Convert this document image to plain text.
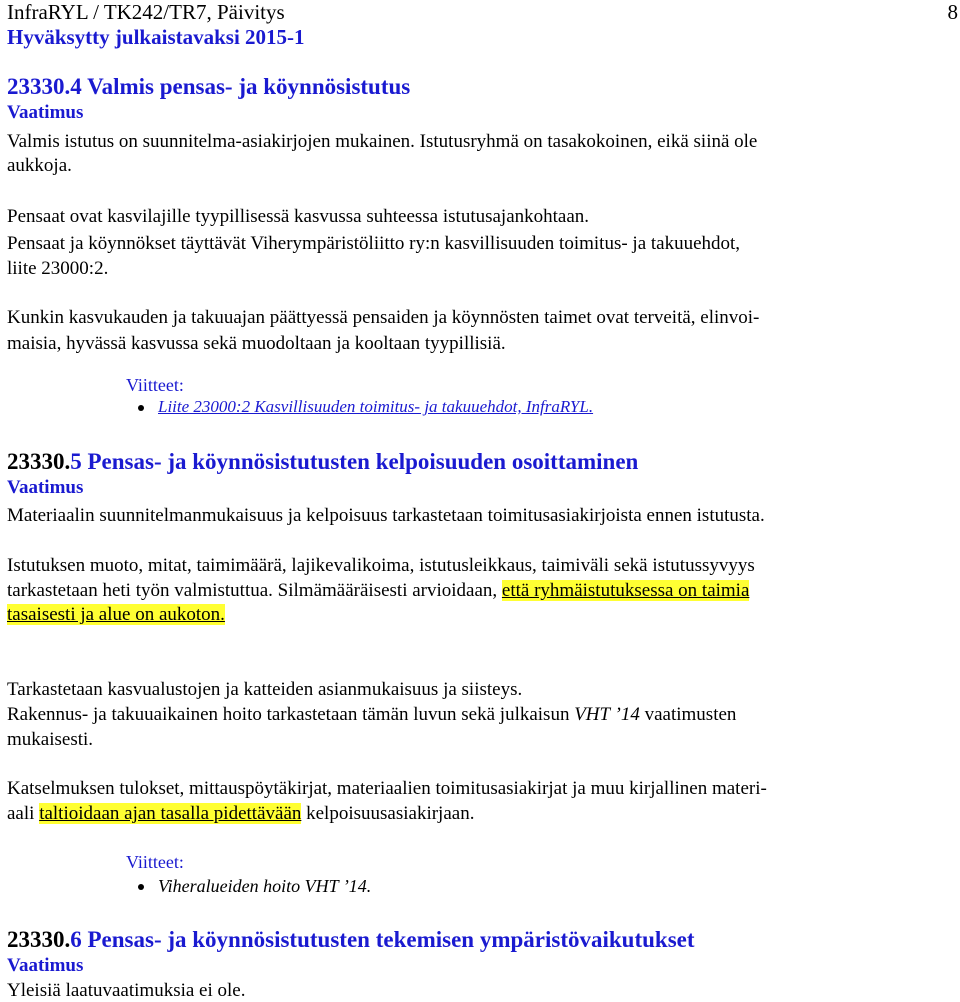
InfraRYL / TK242/TR7, Päivitys
Hyväksytty julkaistavaksi 2015-1
8
23330.4 Valmis pensas- ja köynnösistutus
Vaatimus
Valmis istutus on suunnitelma-asiakirjojen mukainen. Istutusryhmä on tasakokoinen, eikä siinä ole
aukkoja.
Pensaat ovat kasvilajille tyypillisessä kasvussa suhteessa istutusajankohtaan.
Pensaat ja köynnökset täyttävät Viherympäristöliitto ry:n kasvillisuuden toimitus- ja takuuehdot,
liite 23000:2.
Kunkin kasvukauden ja takuuajan päättyessä pensaiden ja köynnösten taimet ovat terveitä, elinvoi-
maisia, hyvässä kasvussa sekä muodoltaan ja kooltaan tyypillisiä.
Viitteet:
Liite 23000:2 Kasvillisuuden toimitus- ja takuuehdot, InfraRYL.
23330.5 Pensas- ja köynnösistutusten kelpoisuuden osoittaminen
Vaatimus
Materiaalin suunnitelmanmukaisuus ja kelpoisuus tarkastetaan toimitusasiakirjoista ennen istutusta.
Istutuksen muoto, mitat, taimimäärä, lajikevalikoima, istutusleikkaus, taimiväli sekä istutussyvyys
tarkastetaan heti työn valmistuttua. Silmämääräisesti arvioidaan, että ryhmäistutuksessa on taimia
tasaisesti ja alue on aukoton.
Tarkastetaan kasvualustojen ja katteiden asianmukaisuus ja siisteys.
Rakennus- ja takuuaikainen hoito tarkastetaan tämän luvun sekä julkaisun VHT ’14 vaatimusten
mukaisesti.
Katselmuksen tulokset, mittauspöytäkirjat, materiaalien toimitusasiakirjat ja muu kirjallinen materi-
aali taltioidaan ajan tasalla pidettävään kelpoisuusasiakirjaan.
Viitteet:
Viheralueiden hoito VHT ’14.
23330.6 Pensas- ja köynnösistutusten tekemisen ympäristövaikutukset
Vaatimus
Yleisiä laatuvaatimuksia ei ole.
